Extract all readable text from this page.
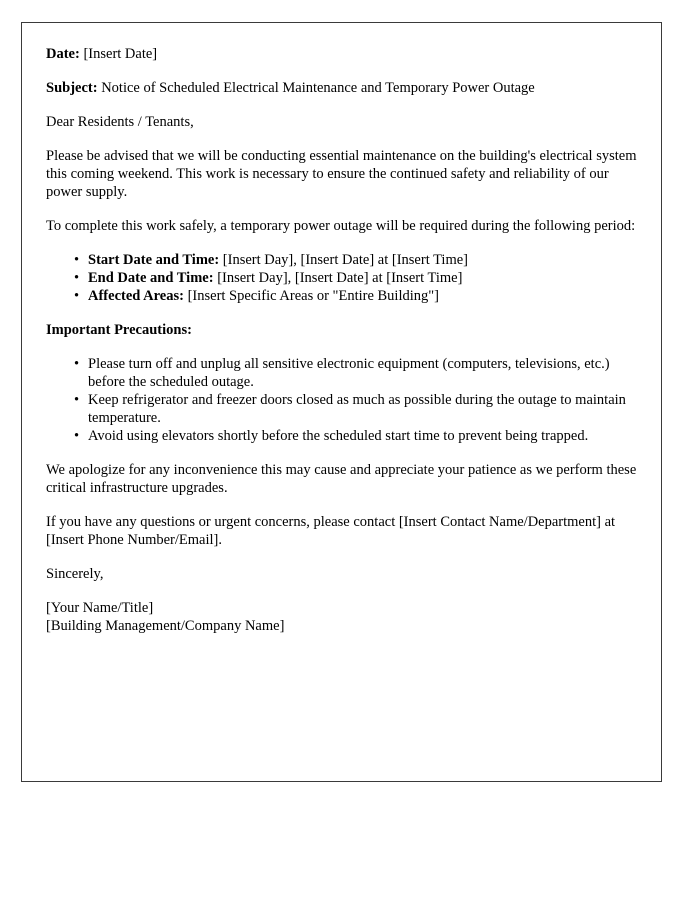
Date: [Insert Date]

Subject: Notice of Scheduled Electrical Maintenance and Temporary Power Outage

Dear Residents / Tenants,

Please be advised that we will be conducting essential maintenance on the building's electrical system this coming weekend. This work is necessary to ensure the continued safety and reliability of our power supply.

To complete this work safely, a temporary power outage will be required during the following period:

• Start Date and Time: [Insert Day], [Insert Date] at [Insert Time]
• End Date and Time: [Insert Day], [Insert Date] at [Insert Time]
• Affected Areas: [Insert Specific Areas or "Entire Building"]

Important Precautions:

• Please turn off and unplug all sensitive electronic equipment (computers, televisions, etc.) before the scheduled outage.
• Keep refrigerator and freezer doors closed as much as possible during the outage to maintain temperature.
• Avoid using elevators shortly before the scheduled start time to prevent being trapped.

We apologize for any inconvenience this may cause and appreciate your patience as we perform these critical infrastructure upgrades.

If you have any questions or urgent concerns, please contact [Insert Contact Name/Department] at [Insert Phone Number/Email].

Sincerely,

[Your Name/Title]

[Building Management/Company Name]
